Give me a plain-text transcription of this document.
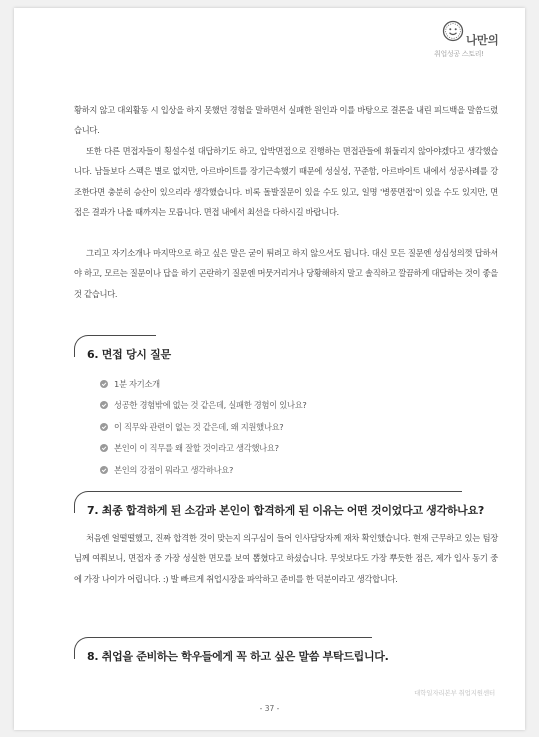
나만의
취업성공 스토리!

황하지 않고 대외활동 시 입상을 하지 못했던 경험을 말하면서 실패한 원인과 이를 바탕으로 결론을 내린 피드백을 말씀드렸습니다.

또한 다른 면접자들이 횡설수설 대답하기도 하고, 압박면접으로 진행하는 면접관들에 휘둘리지 않아야겠다고 생각했습니다. 남들보다 스펙은 별로 없지만, 아르바이트를 장기근속했기 때문에 성실성, 꾸준함, 아르바이트 내에서 성공사례를 강조한다면 충분히 승산이 있으리라 생각했습니다. 비록 돌발질문이 있을 수도 있고, 일명 '병풍면접'이 있을 수도 있지만, 면접은 결과가 나올 때까지는 모릅니다. 면접 내에서 최선을 다하시길 바랍니다.

그리고 자기소개나 마지막으로 하고 싶은 말은 굳이 튀려고 하지 않으셔도 됩니다. 대신 모든 질문엔 성심성의껏 답하셔야 하고, 모르는 질문이나 답을 하기 곤란하기 질문엔 머뭇거리거나 당황해하지 말고 솔직하고 깔끔하게 대답하는 것이 좋을 것 같습니다.

6. 면접 당시 질문
1분 자기소개
성공한 경험밖에 없는 것 같은데, 실패한 경험이 있나요?
이 직무와 관련이 없는 것 같은데, 왜 지원했나요?
본인이 이 직무를 왜 잘할 것이라고 생각했나요?
본인의 강점이 뭐라고 생각하나요?
7. 최종 합격하게 된 소감과 본인이 합격하게 된 이유는 어떤 것이었다고 생각하나요?

처음엔 얼떨떨했고, 진짜 합격한 것이 맞는지 의구심이 들어 인사담당자께 재차 확인했습니다. 현재 근무하고 있는 팀장님께 여쭤보니, 면접자 중 가장 성실한 면모를 보여 뽑혔다고 하셨습니다. 무엇보다도 가장 뿌듯한 점은, 제가 입사 동기 중에 가장 나이가 어립니다. :) 발 빠르게 취업시장을 파악하고 준비를 한 덕분이라고 생각합니다.

8. 취업을 준비하는 학우들에게 꼭 하고 싶은 말씀 부탁드립니다.
대학일자리본부 취업지원센터
- 37 -
